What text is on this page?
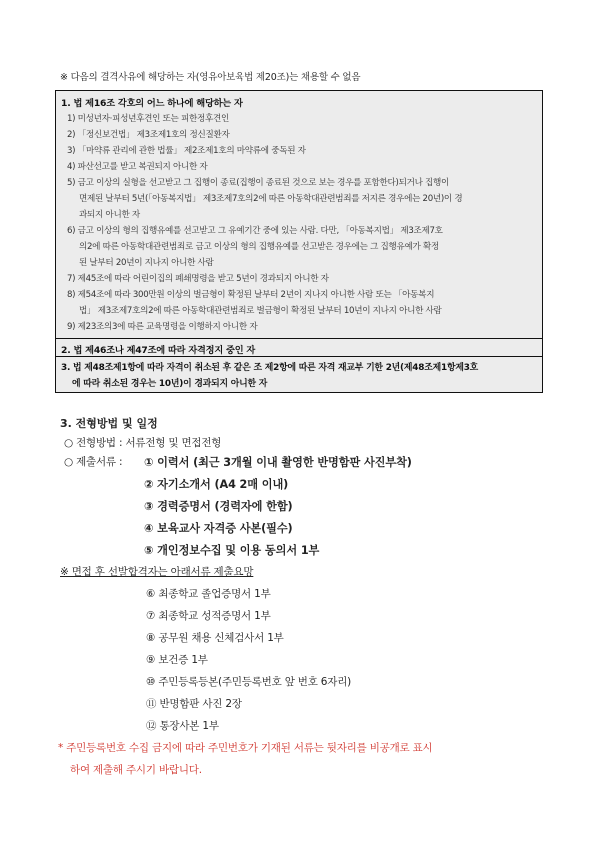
※ 다음의 결격사유에 해당하는 자(영유아보육법 제20조)는 채용할 수 없음
1. 법 제16조 각호의 어느 하나에 해당하는 자
1) 미성년자·피성년후견인 또는 피한정후견인
2) 「정신보건법」 제3조제1호의 정신질환자
3) 「마약류 관리에 관한 법률」 제2조제1호의 마약류에 중독된 자
4) 파산선고를 받고 복권되지 아니한 자
5) 금고 이상의 실형을 선고받고 그 집행이 종료(집행이 종료된 것으로 보는 경우를 포함한다)되거나 집행이
면제된 날부터 5년(「아동복지법」 제3조제7호의2에 따른 아동학대관련범죄를 저지른 경우에는 20년)이 경
과되지 아니한 자
6) 금고 이상의 형의 집행유예를 선고받고 그 유예기간 중에 있는 사람. 다만, 「아동복지법」 제3조제7호
의2에 따른 아동학대관련범죄로 금고 이상의 형의 집행유예를 선고받은 경우에는 그 집행유예가 확정
된 날부터 20년이 지나지 아니한 사람
7) 제45조에 따라 어린이집의 폐쇄명령을 받고 5년이 경과되지 아니한 자
8) 제54조에 따라 300만원 이상의 벌금형이 확정된 날부터 2년이 지나지 아니한 사람 또는 「아동복지
법」 제3조제7호의2에 따른 아동학대관련범죄로 벌금형이 확정된 날부터 10년이 지나지 아니한 사람
9) 제23조의3에 따른 교육명령을 이행하지 아니한 자
2. 법 제46조나 제47조에 따라 자격정지 중인 자
3. 법 제48조제1항에 따라 자격이 취소된 후 같은 조 제2항에 따른 자격 재교부 기한 2년(제48조제1항제3호
에 따라 취소된 경우는 10년)이 경과되지 아니한 자
3. 전형방법 및 일정
○ 전형방법 : 서류전형 및 면접전형
○ 제출서류 : ① 이력서 (최근 3개월 이내 촬영한 반명함판 사진부착)
② 자기소개서 (A4 2매 이내)
③ 경력증명서 (경력자에 한함)
④ 보육교사 자격증 사본(필수)
⑤ 개인정보수집 및 이용 동의서 1부
※ 면접 후 선발합격자는 아래서류 제출요망
⑥ 최종학교 졸업증명서 1부
⑦ 최종학교 성적증명서 1부
⑧ 공무원 채용 신체검사서 1부
⑨ 보건증 1부
⑩ 주민등록등본(주민등록번호 앞 번호 6자리)
⑪ 반명함판 사진 2장
⑫ 통장사본 1부
* 주민등록번호 수집 금지에 따라 주민번호가 기재된 서류는 뒷자리를 비공개로 표시
하여 제출해 주시기 바랍니다.
